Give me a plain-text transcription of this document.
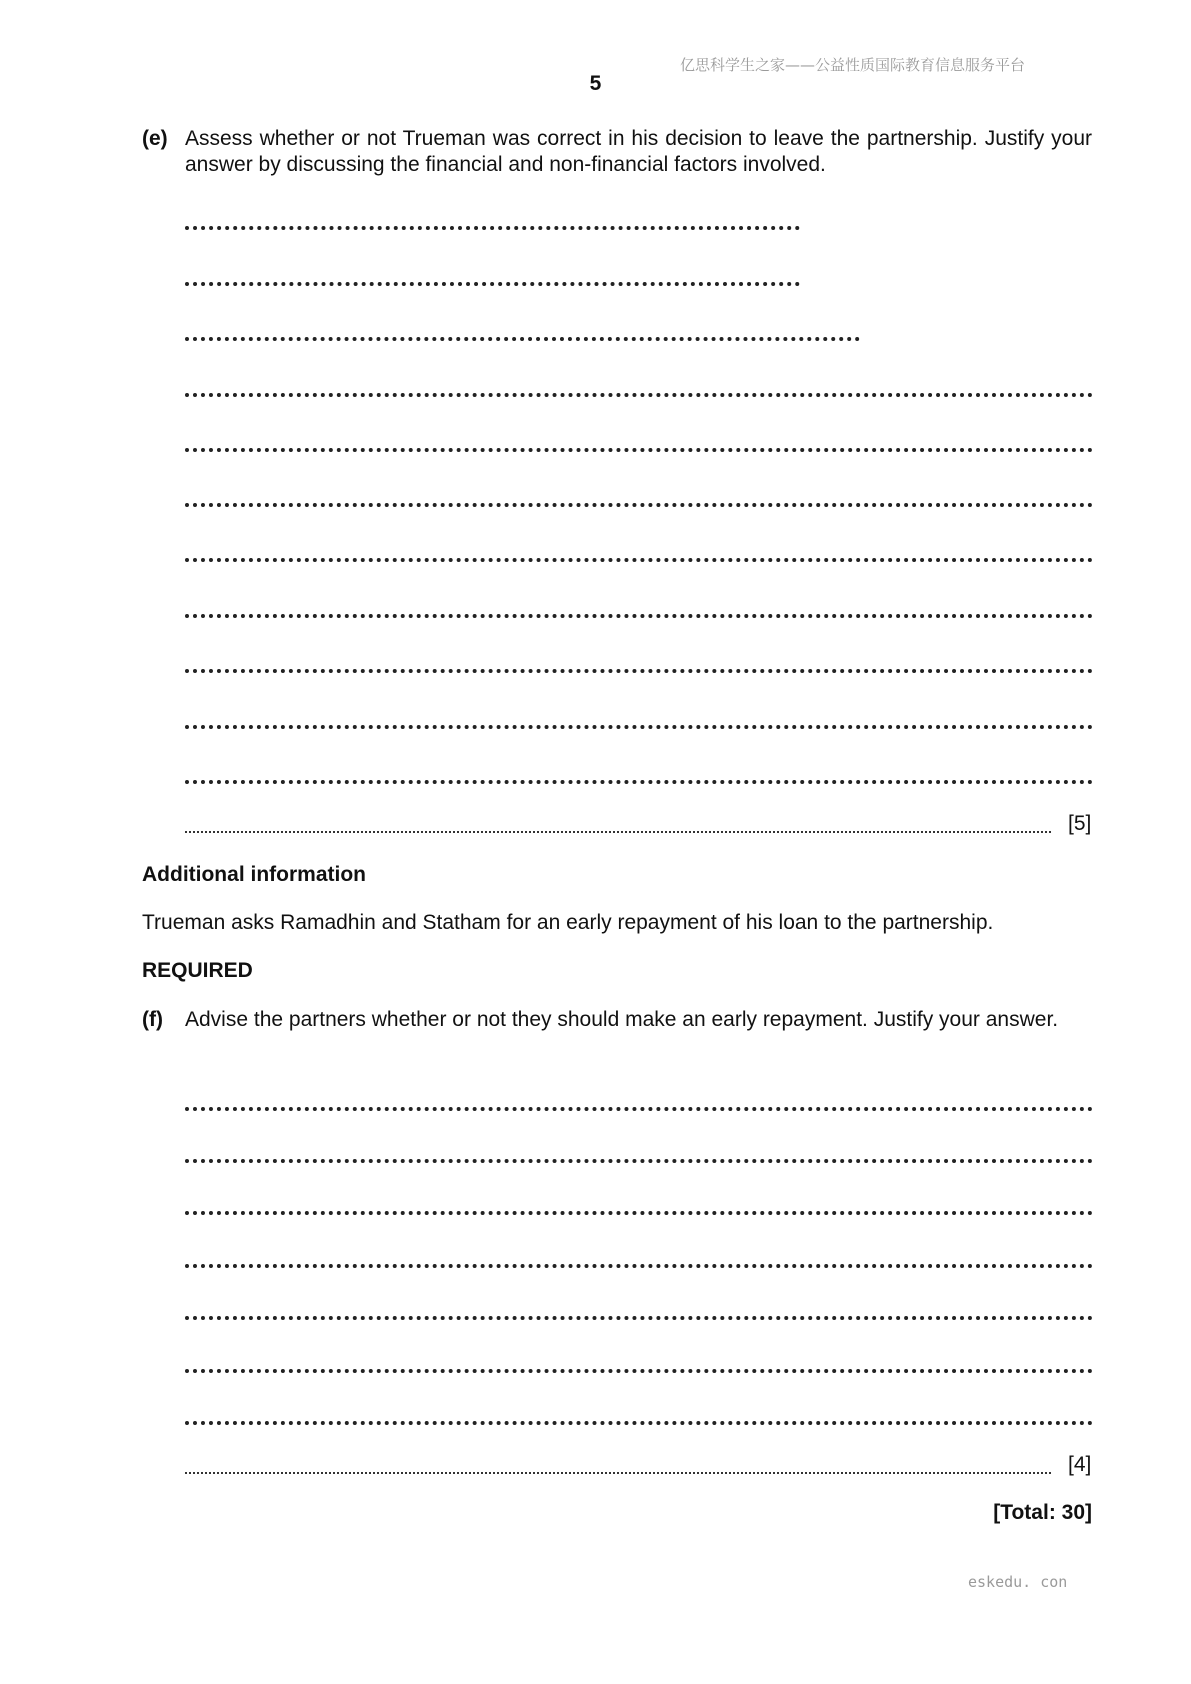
亿思科学生之家——公益性质国际教育信息服务平台
5
(e) Assess whether or not Trueman was correct in his decision to leave the partnership. Justify your answer by discussing the financial and non-financial factors involved.
[5]
Additional information
Trueman asks Ramadhin and Statham for an early repayment of his loan to the partnership.
REQUIRED
(f) Advise the partners whether or not they should make an early repayment. Justify your answer.
[4]
[Total: 30]
eskedu. con
